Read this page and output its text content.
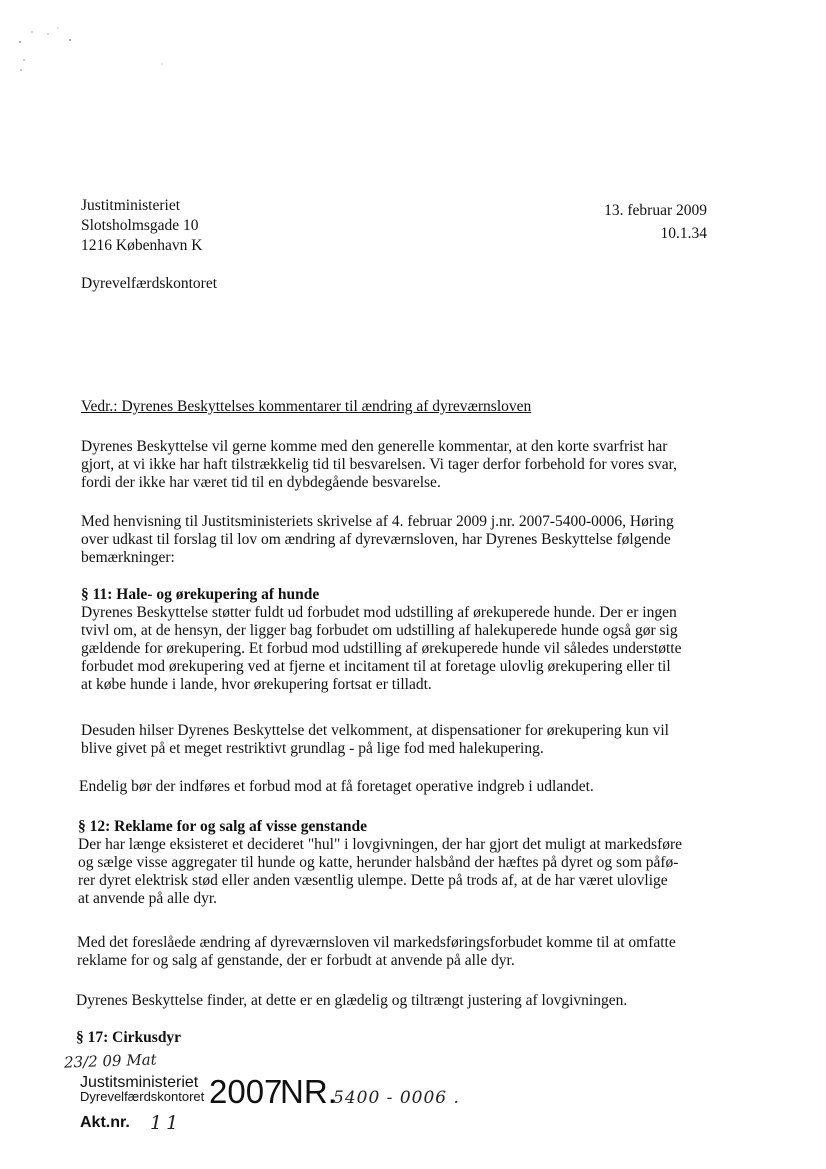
Justitministeriet
Slotsholmsgade 10
1216 København K
Dyrevelfærdskontoret
13. februar 2009
10.1.34
Vedr.: Dyrenes Beskyttelses kommentarer til ændring af dyreværnsloven
Dyrenes Beskyttelse vil gerne komme med den generelle kommentar, at den korte svarfrist har
gjort, at vi ikke har haft tilstrækkelig tid til besvarelsen. Vi tager derfor forbehold for vores svar,
fordi der ikke har været tid til en dybdegående besvarelse.
Med henvisning til Justitsministeriets skrivelse af 4. februar 2009 j.nr. 2007-5400-0006, Høring
over udkast til forslag til lov om ændring af dyreværnsloven, har Dyrenes Beskyttelse følgende
bemærkninger:
§ 11: Hale- og ørekupering af hunde
Dyrenes Beskyttelse støtter fuldt ud forbudet mod udstilling af ørekuperede hunde. Der er ingen
tvivl om, at de hensyn, der ligger bag forbudet om udstilling af halekuperede hunde også gør sig
gældende for ørekupering. Et forbud mod udstilling af ørekuperede hunde vil således understøtte
forbudet mod ørekupering ved at fjerne et incitament til at foretage ulovlig ørekupering eller til
at købe hunde i lande, hvor ørekupering fortsat er tilladt.
Desuden hilser Dyrenes Beskyttelse det velkomment, at dispensationer for ørekupering kun vil
blive givet på et meget restriktivt grundlag - på lige fod med halekupering.
Endelig bør der indføres et forbud mod at få foretaget operative indgreb i udlandet.
§ 12: Reklame for og salg af visse genstande
Der har længe eksisteret et decideret "hul" i lovgivningen, der har gjort det muligt at markedsføre
og sælge visse aggregater til hunde og katte, herunder halsbånd der hæftes på dyret og som påfø-
rer dyret elektrisk stød eller anden væsentlig ulempe. Dette på trods af, at de har været ulovlige
at anvende på alle dyr.
Med det foreslåede ændring af dyreværnsloven vil markedsføringsforbudet komme til at omfatte
reklame for og salg af genstande, der er forbudt at anvende på alle dyr.
Dyrenes Beskyttelse finder, at dette er en glædelig og tiltrængt justering af lovgivningen.
§ 17: Cirkusdyr
23/2 09 Mat
Justitsministeriet
Dyrevelfærdskontoret 2007
NR.
5400 - 0006 .
Akt.nr. 11
